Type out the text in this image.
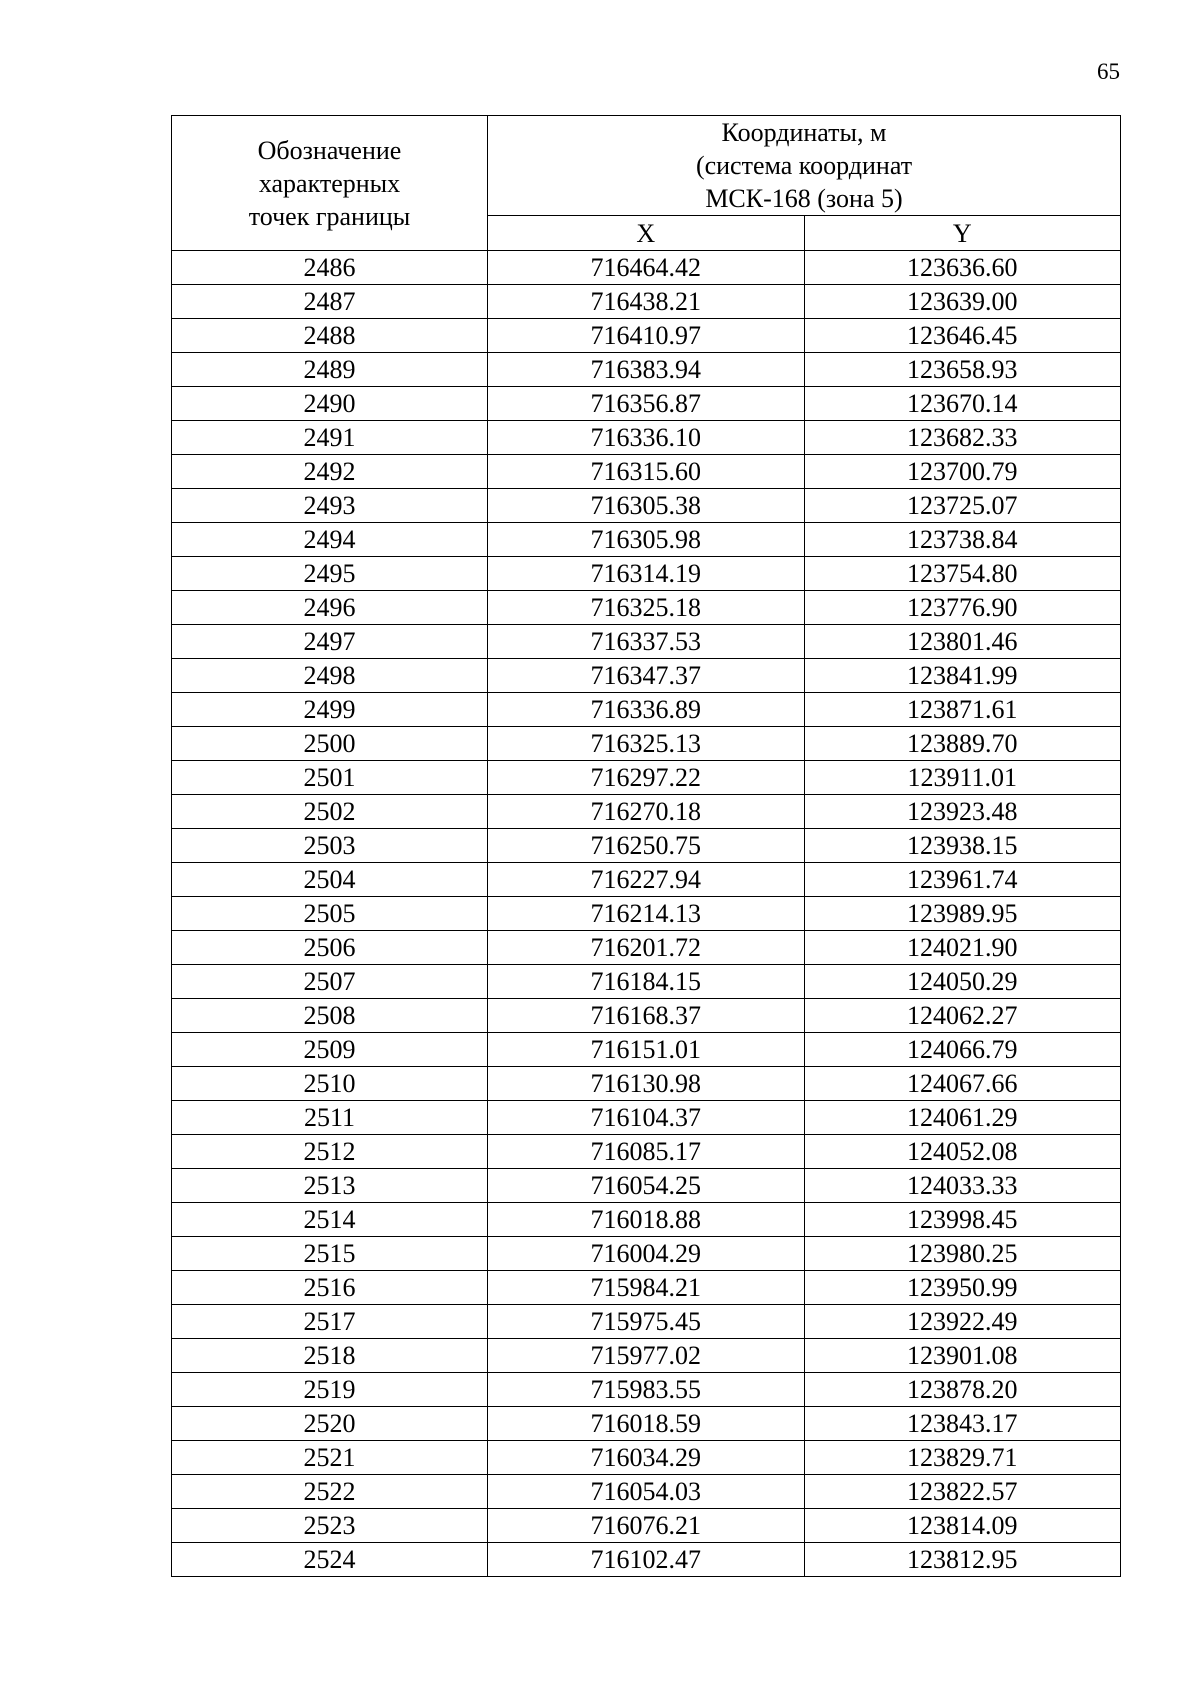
65
Обозначение
характерных
точек границы	Координаты, м
(система координат
МСК-168 (зона 5)	

	X	Y
2486	716464.42	123636.60
2487	716438.21	123639.00
2488	716410.97	123646.45
2489	716383.94	123658.93
2490	716356.87	123670.14
2491	716336.10	123682.33
2492	716315.60	123700.79
2493	716305.38	123725.07
2494	716305.98	123738.84
2495	716314.19	123754.80
2496	716325.18	123776.90
2497	716337.53	123801.46
2498	716347.37	123841.99
2499	716336.89	123871.61
2500	716325.13	123889.70
2501	716297.22	123911.01
2502	716270.18	123923.48
2503	716250.75	123938.15
2504	716227.94	123961.74
2505	716214.13	123989.95
2506	716201.72	124021.90
2507	716184.15	124050.29
2508	716168.37	124062.27
2509	716151.01	124066.79
2510	716130.98	124067.66
2511	716104.37	124061.29
2512	716085.17	124052.08
2513	716054.25	124033.33
2514	716018.88	123998.45
2515	716004.29	123980.25
2516	715984.21	123950.99
2517	715975.45	123922.49
2518	715977.02	123901.08
2519	715983.55	123878.20
2520	716018.59	123843.17
2521	716034.29	123829.71
2522	716054.03	123822.57
2523	716076.21	123814.09
2524	716102.47	123812.95
